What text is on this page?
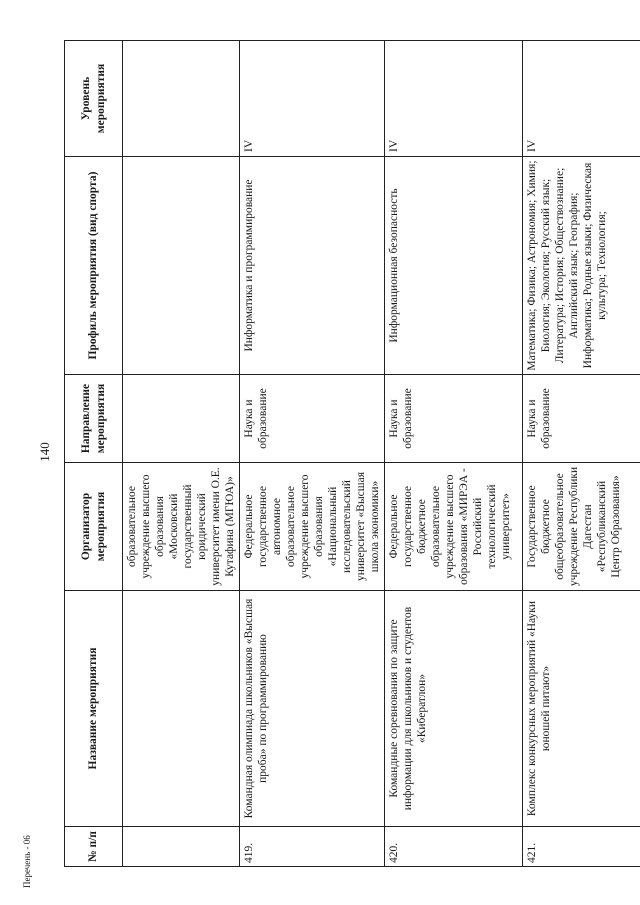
140
Перечень - 06	№ п/п	Название мероприятия	Организатор мероприятия	Направление мероприятия	Профиль мероприятия (вид спорта)	Уровень мероприятия
		образовательное учреждение высшего образования «Московский государственный юридический университет имени О.Е. Кутафина (МГЮА)»			
419.	Командная олимпиада школьников «Высшая проба» по программированию	Федеральное государственное автономное образовательное учреждение высшего образования «Национальный исследовательский университет «Высшая школа экономики»	Наука и образование	Информатика и программирование	IV
420.	Командные соревнования по защите информации для школьников и студентов «Кибератлон»	Федеральное государственное бюджетное образовательное учреждение высшего образования «МИРЭА - Российский технологический университет»	Наука и образование	Информационная безопасность	IV
421.	Комплекс конкурсных мероприятий «Науки юношей питают»	Государственное бюджетное общеобразовательное учреждение Республики Дагестан «Республиканский Центр Образования»	Наука и образование	Математика; Физика; Астрономия; Химия; Биология; Экология; Русский язык; Литература; История; Обществознание; Английский язык; География; Информатика; Родные языки; Физическая культура; Технология;	IV
